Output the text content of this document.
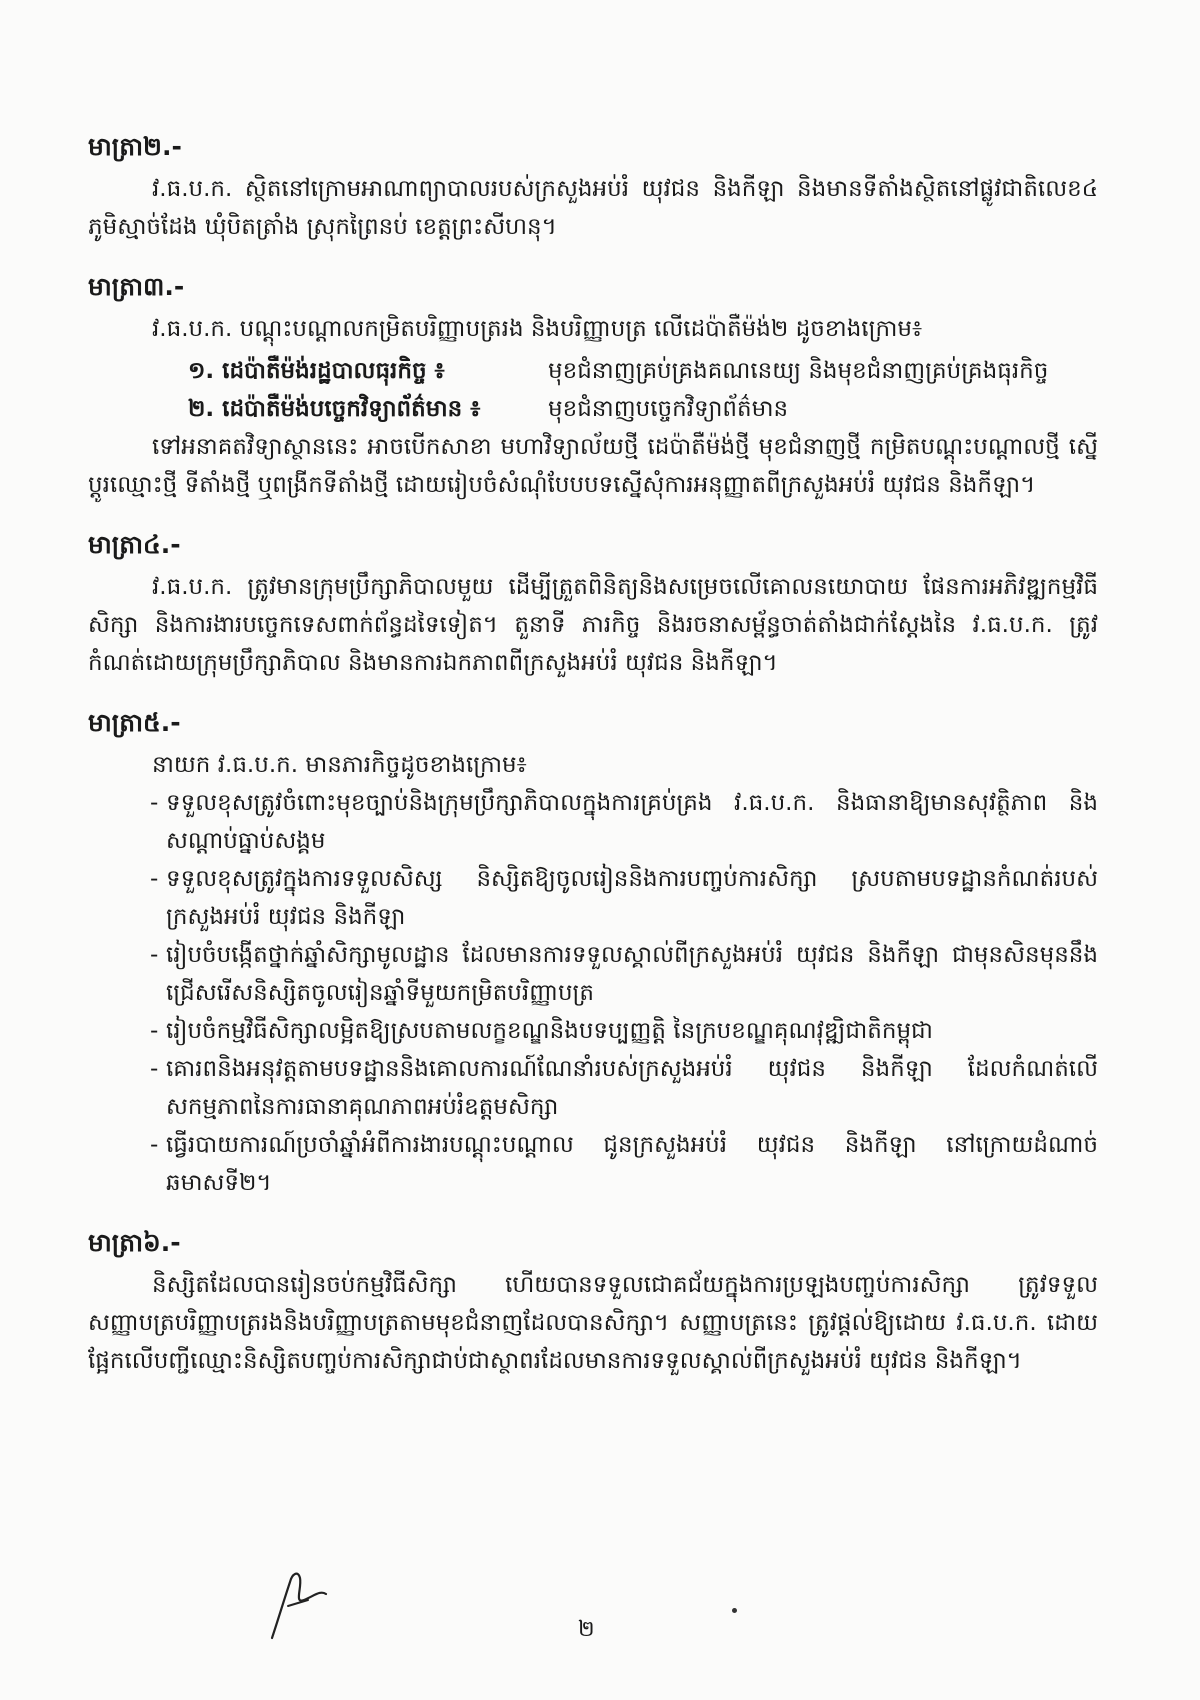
មាត្រា២.-

វ.ធ.ប.ក. ស្ថិតនៅក្រោមអាណាព្យាបាលរបស់ក្រសួងអប់រំ យុវជន និងកីឡា និងមានទីតាំងស្ថិតនៅផ្លូវជាតិលេខ៤ ភូមិស្មាច់ដែង ឃុំបិតត្រាំង ស្រុកព្រៃនប់ ខេត្តព្រះសីហនុ។

មាត្រា៣.-

វ.ធ.ប.ក. បណ្តុះបណ្តាលកម្រិតបរិញ្ញាបត្ររង និងបរិញ្ញាបត្រ លើដេប៉ាតឺម៉ង់២ ដូចខាងក្រោម៖

១. ដេប៉ាតឺម៉ង់រដ្ឋបាលធុរកិច្ច ៖	មុខជំនាញគ្រប់គ្រងគណនេយ្យ និងមុខជំនាញគ្រប់គ្រងធុរកិច្ច
២. ដេប៉ាតឺម៉ង់បច្ចេកវិទ្យាព័ត៌មាន ៖	មុខជំនាញបច្ចេកវិទ្យាព័ត៌មាន

ទៅអនាគតវិទ្យាស្ថាននេះ អាចបើកសាខា មហាវិទ្យាល័យថ្មី ដេប៉ាតឺម៉ង់ថ្មី មុខជំនាញថ្មី កម្រិតបណ្តុះបណ្តាលថ្មី ស្នើប្តូរឈ្មោះថ្មី ទីតាំងថ្មី ឬពង្រីកទីតាំងថ្មី ដោយរៀបចំសំណុំបែបបទស្នើសុំការអនុញ្ញាតពីក្រសួងអប់រំ យុវជន និងកីឡា។

មាត្រា៤.-

វ.ធ.ប.ក. ត្រូវមានក្រុមប្រឹក្សាភិបាលមួយ ដើម្បីត្រួតពិនិត្យនិងសម្រេចលើគោលនយោបាយ ផែនការអភិវឌ្ឍកម្មវិធីសិក្សា និងការងារបច្ចេកទេសពាក់ព័ន្ធដទៃទៀត។ តួនាទី ភារកិច្ច និងរចនាសម្ព័ន្ធចាត់តាំងជាក់ស្តែងនៃ វ.ធ.ប.ក. ត្រូវកំណត់ដោយក្រុមប្រឹក្សាភិបាល និងមានការឯកភាពពីក្រសួងអប់រំ យុវជន និងកីឡា។

មាត្រា៥.-
នាយក វ.ធ.ប.ក. មានភារកិច្ចដូចខាងក្រោម៖
- ទទួលខុសត្រូវចំពោះមុខច្បាប់និងក្រុមប្រឹក្សាភិបាលក្នុងការគ្រប់គ្រង វ.ធ.ប.ក. និងធានាឱ្យមានសុវត្ថិភាព និងសណ្តាប់ធ្នាប់សង្គម
- ទទួលខុសត្រូវក្នុងការទទួលសិស្ស និស្សិតឱ្យចូលរៀននិងការបញ្ចប់ការសិក្សា ស្របតាមបទដ្ឋានកំណត់របស់ក្រសួងអប់រំ យុវជន និងកីឡា
- រៀបចំបង្កើតថ្នាក់ឆ្នាំសិក្សាមូលដ្ឋាន ដែលមានការទទួលស្គាល់ពីក្រសួងអប់រំ យុវជន និងកីឡា ជាមុនសិនមុននឹងជ្រើសរើសនិស្សិតចូលរៀនឆ្នាំទីមួយកម្រិតបរិញ្ញាបត្រ
- រៀបចំកម្មវិធីសិក្សាលម្អិតឱ្យស្របតាមលក្ខខណ្ឌនិងបទប្បញ្ញត្តិ នៃក្របខណ្ឌគុណវុឌ្ឍិជាតិកម្ពុជា
- គោរពនិងអនុវត្តតាមបទដ្ឋាននិងគោលការណ៍ណែនាំរបស់ក្រសួងអប់រំ យុវជន និងកីឡា ដែលកំណត់លើសកម្មភាពនៃការធានាគុណភាពអប់រំឧត្តមសិក្សា
- ធ្វើរបាយការណ៍ប្រចាំឆ្នាំអំពីការងារបណ្តុះបណ្តាល ជូនក្រសួងអប់រំ យុវជន និងកីឡា នៅក្រោយដំណាច់ឆមាសទី២។
មាត្រា៦.-

និស្សិតដែលបានរៀនចប់កម្មវិធីសិក្សា ហើយបានទទួលជោគជ័យក្នុងការប្រឡងបញ្ចប់ការសិក្សា ត្រូវទទួលសញ្ញាបត្របរិញ្ញាបត្ររងនិងបរិញ្ញាបត្រតាមមុខជំនាញដែលបានសិក្សា។ សញ្ញាបត្រនេះ ត្រូវផ្តល់ឱ្យដោយ វ.ធ.ប.ក. ដោយផ្អែកលើបញ្ជីឈ្មោះនិស្សិតបញ្ចប់ការសិក្សាជាប់ជាស្ថាពរដែលមានការទទួលស្គាល់ពីក្រសួងអប់រំ យុវជន និងកីឡា។

២
